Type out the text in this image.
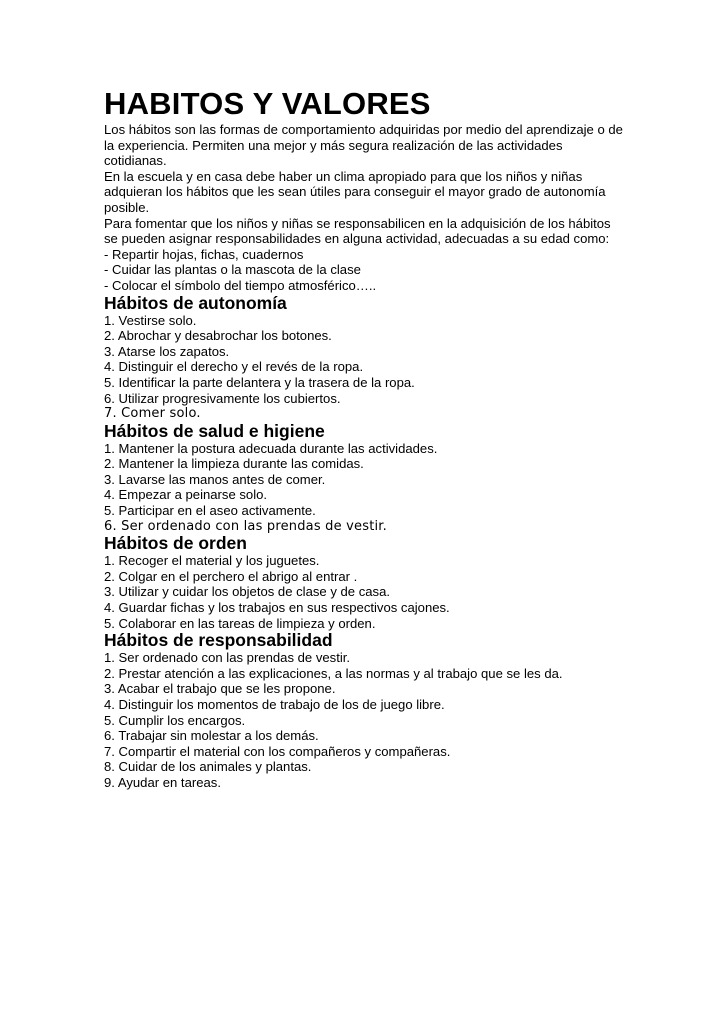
HABITOS Y VALORES

Los hábitos son las formas de comportamiento adquiridas por medio del aprendizaje o de la experiencia. Permiten una mejor y más segura realización de las actividades cotidianas.

En la escuela y en casa debe haber un clima apropiado para que los niños y niñas adquieran los hábitos que les sean útiles para conseguir el mayor grado de autonomía posible.

Para fomentar que los niños y niñas se responsabilicen en la adquisición de los hábitos se pueden asignar responsabilidades en alguna actividad, adecuadas a su edad como:

- Repartir hojas, fichas, cuadernos
- Cuidar las plantas o la mascota de la clase
- Colocar el símbolo del tiempo atmosférico…..
Hábitos de autonomía
1. Vestirse solo.
2. Abrochar y desabrochar los botones.
3. Atarse los zapatos.
4. Distinguir el derecho y el revés de la ropa.
5. Identificar la parte delantera y la trasera de la ropa.
6. Utilizar progresivamente los cubiertos.
7. Comer solo.
Hábitos de salud e higiene
1. Mantener la postura adecuada durante las actividades.
2. Mantener la limpieza durante las comidas.
3. Lavarse las manos antes de comer.
4. Empezar a peinarse solo.
5. Participar en el aseo activamente.
6. Ser ordenado con las prendas de vestir.
Hábitos de orden
1. Recoger el material y los juguetes.
2. Colgar en el perchero el abrigo al entrar .
3. Utilizar y cuidar los objetos de clase y de casa.
4. Guardar fichas y los trabajos en sus respectivos cajones.
5. Colaborar en las tareas de limpieza y orden.
Hábitos de responsabilidad
1. Ser ordenado con las prendas de vestir.
2. Prestar atención a las explicaciones, a las normas y al trabajo que se les da.
3. Acabar el trabajo que se les propone.
4. Distinguir los momentos de trabajo de los de juego libre.
5. Cumplir los encargos.
6. Trabajar sin molestar a los demás.
7. Compartir el material con los compañeros y compañeras.
8. Cuidar de los animales y plantas.
9. Ayudar en tareas.
